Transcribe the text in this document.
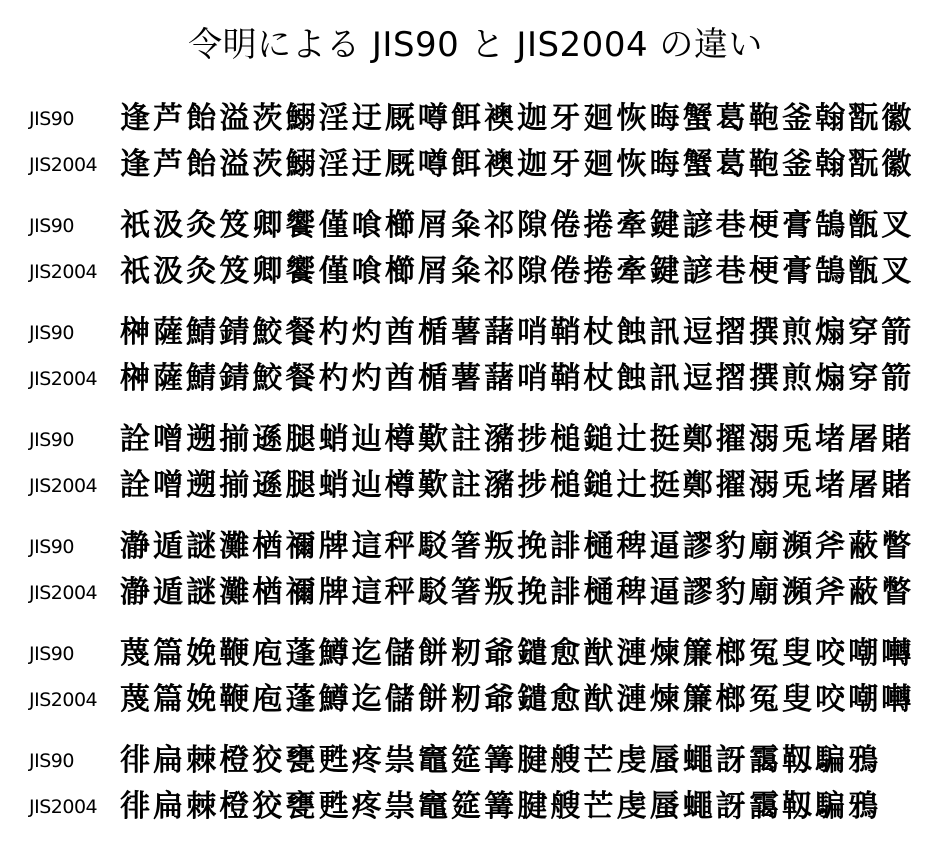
令明による JIS90 と JIS2004 の違い
JIS90 逢芦飴溢茨鰯淫迂厩噂餌襖迦牙廻恢晦蟹葛鞄釜翰翫徽
JIS2004 逢芦飴溢茨鰯淫迂厩噂餌襖迦牙廻恢晦蟹葛鞄釜翰翫徽
JIS90 祇汲灸笈卿饗僅喰櫛屑粂祁隙倦捲牽鍵諺巷梗膏鵠甑叉
JIS2004 祇汲灸笈卿饗僅喰櫛屑粂祁隙倦捲牽鍵諺巷梗膏鵠甑叉
JIS90 榊薩鯖錆鮫餐杓灼酋楯薯藷哨鞘杖蝕訊逗摺撰煎煽穿箭
JIS2004 榊薩鯖錆鮫餐杓灼酋楯薯藷哨鞘杖蝕訊逗摺撰煎煽穿箭
JIS90 詮噌遡揃遜腿蛸辿樽歎註瀦捗槌鎚辻挺鄭擢溺兎堵屠賭
JIS2004 詮噌遡揃遜腿蛸辿樽歎註瀦捗槌鎚辻挺鄭擢溺兎堵屠賭
JIS90 瀞遁謎灘楢禰牌這秤駁箸叛挽誹樋稗逼謬豹廟瀕斧蔽瞥
JIS2004 瀞遁謎灘楢禰牌這秤駁箸叛挽誹樋稗逼謬豹廟瀕斧蔽瞥
JIS90 蔑篇娩鞭庖蓬鱒迄儲餅籾爺鑓愈猷漣煉簾榔冤叟咬嘲囀
JIS2004 蔑篇娩鞭庖蓬鱒迄儲餅籾爺鑓愈猷漣煉簾榔冤叟咬嘲囀
JIS90 徘扁棘橙狡甕甦疼祟竈筵篝腱艘芒虔蜃蠅訝靄靱騙鴉
JIS2004 徘扁棘橙狡甕甦疼祟竈筵篝腱艘芒虔蜃蠅訝靄靱騙鴉
